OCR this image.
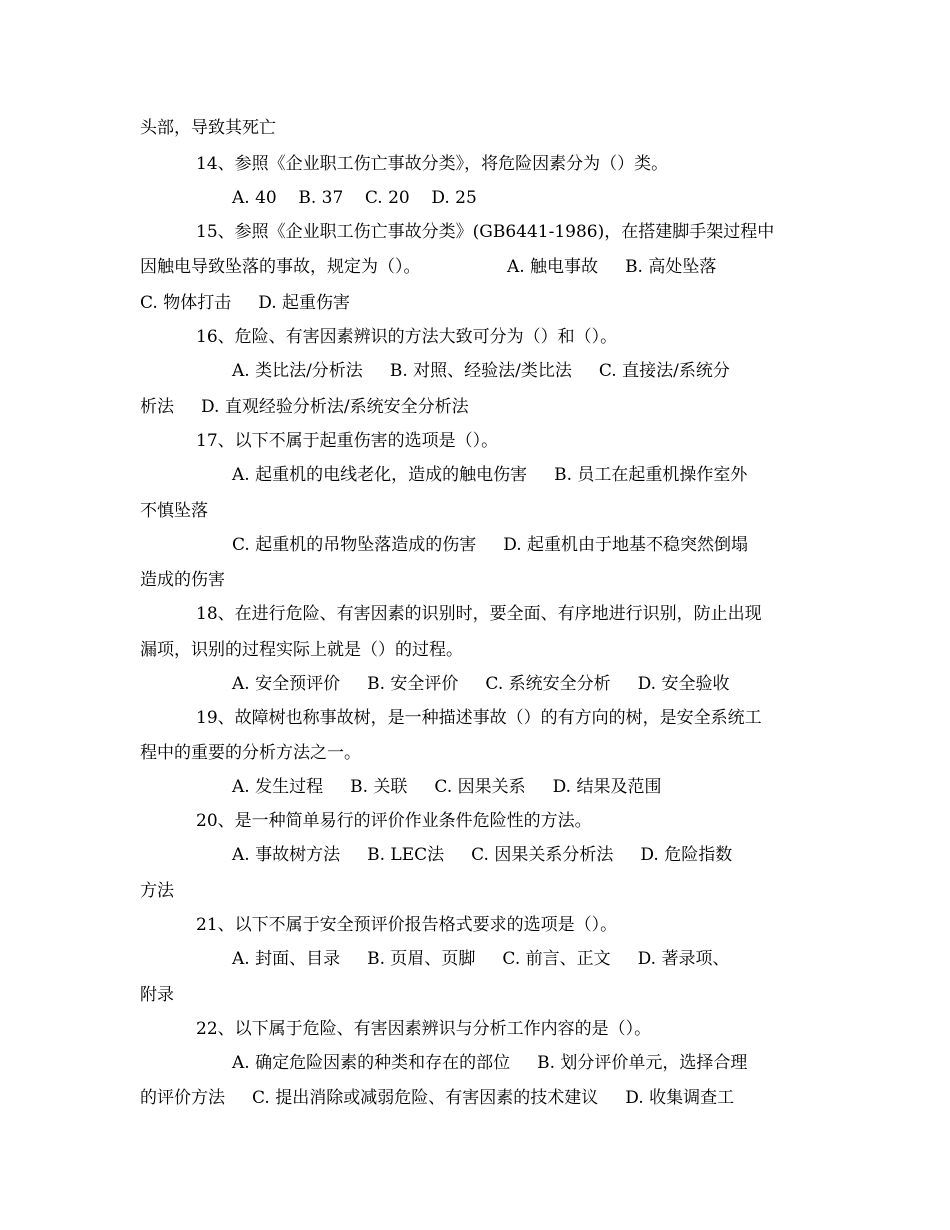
头部，导致其死亡
14、参照《企业职工伤亡事故分类》，将危险因素分为（）类。
A. 40    B. 37    C. 20    D. 25
15、参照《企业职工伤亡事故分类》(GB6441-1986)，在搭建脚手架过程中
因触电导致坠落的事故，规定为（）。                A. 触电事故     B. 高处坠落
C. 物体打击     D. 起重伤害
16、危险、有害因素辨识的方法大致可分为（）和（）。
A. 类比法/分析法     B. 对照、经验法/类比法     C. 直接法/系统分
析法     D. 直观经验分析法/系统安全分析法
17、以下不属于起重伤害的选项是（）。
A. 起重机的电线老化，造成的触电伤害     B. 员工在起重机操作室外
不慎坠落
C. 起重机的吊物坠落造成的伤害     D. 起重机由于地基不稳突然倒塌
造成的伤害
18、在进行危险、有害因素的识别时，要全面、有序地进行识别，防止出现
漏项，识别的过程实际上就是（）的过程。
A. 安全预评价     B. 安全评价     C. 系统安全分析     D. 安全验收
19、故障树也称事故树，是一种描述事故（）的有方向的树，是安全系统工
程中的重要的分析方法之一。
A. 发生过程     B. 关联     C. 因果关系     D. 结果及范围
20、是一种简单易行的评价作业条件危险性的方法。
A. 事故树方法     B. LEC法     C. 因果关系分析法     D. 危险指数
方法
21、以下不属于安全预评价报告格式要求的选项是（）。
A. 封面、目录     B. 页眉、页脚     C. 前言、正文     D. 著录项、
附录
22、以下属于危险、有害因素辨识与分析工作内容的是（）。
A. 确定危险因素的种类和存在的部位     B. 划分评价单元，选择合理
的评价方法     C. 提出消除或减弱危险、有害因素的技术建议     D. 收集调查工
